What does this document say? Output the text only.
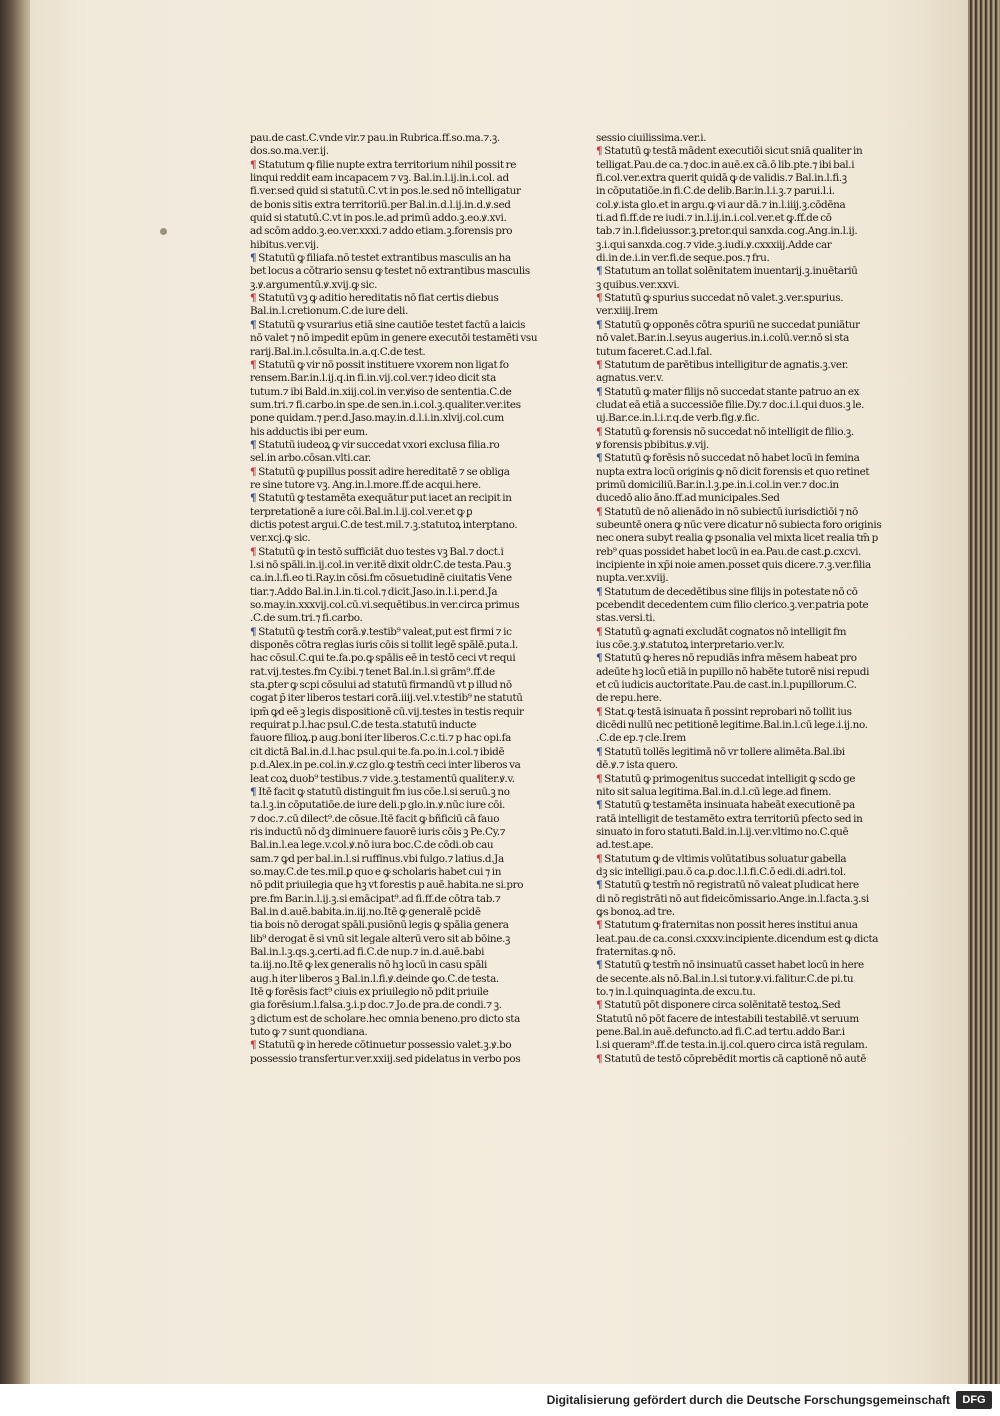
pau.de cast.C.vnde vir.⁊ pau.in Rubrica.ff.so.ma.⁊.ꝫ.
dos.so.ma.ver.ij.
¶ Statutum ꝙ filie nupte extra territorium nihil possit re
linqui reddit eam incapacem ⁊ vꝫ. Bal.in.l.ij.in.i.col. ad
fi.ver.sed quid si statutū.C.vt in pos.le.sed nō intelligatur
de bonis sitis extra territoriū.per Bal.in.d.l.ij.in.d.ꝟ.sed
quid si statutū.C.vt in pos.le.ad primū addo.ꝫ.eo.ꝟ.xvi.
ad scōm addo.ꝫ.eo.ver.xxxi.⁊ addo etiam.ꝫ.forensis pro
hibitus.ver.vij.
¶ Statutū ꝙ filiafa.nō testet extrantibus masculis an ha
bet locus a cōtrario sensu ꝙ testet nō extrantibus masculis
ꝫ.ꝟ.argumentū.ꝟ.xvij.ꝙ sic.
¶ Statutū vꝫ ꝙ aditio hereditatis nō fiat certis diebus
Bal.in.l.cretionum.C.de iure deli.
¶ Statutū ꝙ vsurarius etiā sine cautiōe testet factū a laicis
nō valet ⁊ nō impedit epūm in genere executōi testamēti vsu
rarij.Bal.in.l.cōsulta.in.a.q.C.de test.
¶ Statutū ꝙ vir nō possit instituere vxorem non ligat fo
rensem.Bar.in.l.ij.q.in fi.in.vij.col.ver.⁊ ideo dicit sta
tutum.⁊ ibi Bald.in.xiij.col.in ver.ꝟiso de sententia.C.de
sum.tri.⁊ fi.carbo.in spe.de sen.in.i.col.ꝫ.qualiter.ver.ites
pone quidam.⁊ per.d.Jaso.may.in.d.l.i.in.xlvij.col.cum
his adductis ibi per eum.
¶ Statutū iudeoꝝ ꝙ vir succedat vxori exclusa filia.ro
sel.in arbo.cōsan.vlti.car.
¶ Statutū ꝙ pupillus possit adire hereditatē ⁊ se obliga
re sine tutore vꝫ. Ang.in.l.more.ff.de acqui.here.
¶ Statutū ꝙ testamēta exequātur put iacet an recipit in
terpretationē a iure cōi.Bal.in.l.ij.col.ver.et ꝙ ꝑ
dictis potest argui.C.de test.mil.⁊.ꝫ.statutoꝝ interptano.
ver.xcj.ꝙ sic.
¶ Statutū ꝙ in testō sufficiāt duo testes vꝫ Bal.⁊ doct.i
l.si nō spāli.in.ij.col.in ver.itē dixit oldr.C.de testa.Pau.ꝫ
ca.in.l.fi.eo ti.Ray.in cōsi.fm cōsuetudinē ciuitatis Vene
tiar.⁊.Addo Bal.in.l.in.ti.col.⁊ dicit.Jaso.in.l.i.per.d.Ja
so.may.in.xxxvij.col.cū.vi.sequētibus.in ver.circa primus
.C.de sum.tri.⁊ fi.carbo.
¶ Statutū ꝙ testm̄ corā.ꝟ.testib⁹ valeat,put est firmi ⁊ ic
disponēs cōtra reglas iuris cōis si tollit legē spālē.puta.l.
hac cōsul.C.qui te.fa.po.ꝙ spālis eē in testō ceci vt requi
rat.vij.testes.fm Cy.ibi.⁊ tenet Bal.in.l.si grām⁹.ff.de
sta.ꝑter ꝙ scpi cōsului ad statutū firmandū vt p illud nō
cogat p̄ iter liberos testari corā.iiij.vel.v.testib⁹ ne statutū
ipm̄ ꝙd eē ꝫ legis dispositionē cū.vij.testes in testis requir
requirat p.l.hac psul.C.de testa.statutū inducte
fauore filioꝝ.p aug.boni iter liberos.C.c.ti.⁊ p hac opi.fa
cit dictā Bal.in.d.l.hac psul.qui te.fa.po.in.i.col.⁊ ibidē
p.d.Alex.in pe.col.in.ꝟ.cz glo.ꝙ testm̄ ceci inter liberos va
leat coꝝ duob⁹ testibus.⁊ vide.ꝫ.testamentū qualiter.ꝟ.v.
¶ Itē facit ꝙ statutū distinguit fm ius cōe.l.si seruū.ꝫ no
ta.l.ꝫ.in cōputatiōe.de iure deli.p glo.in.ꝟ.nūc iure cōi.
⁊ doc.⁊.cū dilect⁹.de cōsue.Itē facit ꝙ bñficiū cā fauo
ris inductū nō dꝫ diminuere fauorē iuris cōis ꝫ Pe.Cy.⁊
Bal.in.l.ea lege.v.col.ꝟ.nō iura boc.C.de cōdi.ob cau
sam.⁊ ꝙd per bal.in.l.si ruffinus.vbi fulgo.⁊ latius.d.Ja
so.may.C.de tes.mil.ꝑ quo e ꝙ scholaris habet cui ⁊ in
nō pdit priuilegia que hꝫ vt forestis p auē.habita.ne si.pro
pre.fm Bar.in.l.ij.ꝫ.si emācipat⁹.ad fi.ff.de cōtra tab.⁊
Bal.in d.auē.babita.in.iij.no.Itē ꝙ generalē pcidē
tia bois nō derogat spāli.pusiōnū legis ꝙ spālia genera
lib⁹ derogat ē si vnū sit legale alterū vero sit ab bōine.ꝫ
Bal.in.l.ꝫ.qs.ꝫ.certi.ad fi.C.de nup.⁊ in.d.auē.babi
ta.iij.no.Itē ꝙ lex generalis nō hꝫ locū in casu spāli
aug.h iter liberos ꝫ Bal.in.l.fi.ꝟ.deinde ꝙo.C.de testa.
Itē ꝙ forēsis fact⁹ ciuis ex priuilegio nō pdit priuile
gia forēsium.l.falsa.ꝫ.i.p doc.⁊ Jo.de pra.de condi.⁊ ꝫ.
ꝫ dictum est de scholare.hec omnia beneno.pro dicto sta
tuto ꝙ ⁊ sunt quondiana.
¶ Statutū ꝙ in herede cōtinuetur possessio valet.ꝫ.ꝟ.bo
possessio transfertur.ver.xxiij.sed pidelatus in verbo pos
sessio ciuilissima.ver.i.
¶ Statutū ꝙ testā mādent executiōi sicut sniā qualiter in
telligat.Pau.de ca.⁊ doc.in auē.ex cā.ō lib.pte.⁊ ibi bal.i
fi.col.ver.extra querit quidā ꝙ de validis.⁊ Bal.in.l.fi.ꝫ
in cōputatiōe.in fi.C.de delib.Bar.in.l.i.ꝫ.⁊ parui.l.i.
col.ꝟ.ista glo.et in argu.ꝙ vi aur dā.⁊ in.l.iiij.ꝫ.cōdēna
ti.ad fi.ff.de re iudi.⁊ in.l.ij.in.i.col.ver.et ꝙ.ff.de cō
tab.⁊ in.l.fideiussor.ꝫ.pretor.qui sanxda.cog.Ang.in.l.ij.
ꝫ.i.qui sanxda.cog.⁊ vide.ꝫ.iudi.ꝟ.cxxxiij.Adde car
di.in de.i.in ver.fi.de seque.pos.⁊ fru.
¶ Statutum an tollat solēnitatem inuentarij.ꝫ.inuētariū
ꝫ quibus.ver.xxvi.
¶ Statutū ꝙ spurius succedat nō valet.ꝫ.ver.spurius.
ver.xiiij.Irem
¶ Statutū ꝙ opponēs cōtra spuriū ne succedat puniātur
nō valet.Bar.in.l.seyus augerius.in.i.colū.ver.nō si sta
tutum faceret.C.ad.l.fal.
¶ Statutum de parētibus intelligitur de agnatis.ꝫ.ver.
agnatus.ver.v.
¶ Statutū ꝙ mater filijs nō succedat stante patruo an ex
cludat eā etiā a successiōe filie.Dy.⁊ doc.i.l.qui duos.ꝫ le.
uj.Bar.ce.in.l.i.r.q.de verb.fig.ꝟ.fic.
¶ Statutū ꝙ forensis nō succedat nō intelligit de filio.ꝫ.
ꝟ forensis pbibitus.ꝟ.vij.
¶ Statutū ꝙ forēsis nō succedat nō habet locū in femina
nupta extra locū originis ꝙ nō dicit forensis et quo retinet
primū domiciliū.Bar.in.l.ꝫ.pe.in.i.col.in ver.⁊ doc.in
ducedō alio āno.ff.ad municipales.Sed
¶ Statutū de nō alienādo in nō subiectū iurisdictiōi ⁊ nō
subeuntē onera ꝙ nūc vere dicatur nō subiecta foro originis
nec onera subyt realia ꝙ psonalia vel mixta licet realia tm̄ p
reb⁹ quas possidet habet locū in ea.Pau.de cast.ꝑ.cxcvi.
incipiente in xp̄i noie amen.posset quis dicere.⁊.ꝫ.ver.filia
nupta.ver.xviij.
¶ Statutum de decedētibus sine filijs in potestate nō cō
pcebendit decedentem cum filio clerico.ꝫ.ver.patria pote
stas.versi.ti.
¶ Statutū ꝙ agnati excludāt cognatos nō intelligit fm
ius cōe.ꝫ.ꝟ.statutoꝝ interpretario.ver.lv.
¶ Statutū ꝙ heres nō repudiās infra mēsem habeat pro
adeūte hꝫ locū etiā in pupillo nō habēte tutorē nisi repudi
et cū iudicis auctoritate.Pau.de cast.in.l.pupillorum.C.
de repu.here.
¶ Stat.ꝙ testā isinuata ñ possint reprobari nō tollit ius
dicēdi nullū nec petitionē legitime.Bal.in.l.cū lege.i.ij.no.
.C.de ep.⁊ cle.Irem
¶ Statutū tollēs legitimā nō vr tollere alimēta.Bal.ibi
dē.ꝟ.⁊ ista quero.
¶ Statutū ꝙ primogenitus succedat intelligit ꝙ scdo ge
nito sit salua legitima.Bal.in.d.l.cū lege.ad finem.
¶ Statutū ꝙ testamēta insinuata habeāt executionē pa
ratā intelligit de testamēto extra territoriū pfecto sed in
sinuato in foro statuti.Bald.in.l.ij.ver.vltimo no.C.quē
ad.test.ape.
¶ Statutum ꝙ de vltimis volūtatibus soluatur gabella
dꝫ sic intelligi.pau.ō ca.ꝑ.doc.l.l.fi.C.ō edi.di.adri.tol.
¶ Statutū ꝙ testm̄ nō registratū nō valeat pIudicat here
di nō registrāti nō aut fideicōmissario.Ange.in.l.facta.ꝫ.si
ꝙs bonoꝝ.ad tre.
¶ Statutum ꝙ fraternitas non possit heres institui anua
leat.pau.de ca.consi.cxxxv.incipiente.dicendum est ꝙ dicta
fraternitas.ꝙ nō.
¶ Statutū ꝙ testm̄ nō insinuatū casset habet locū in here
de secente.als nō.Bal.in.l.si tutor.ꝟ.vi.falitur.C.de pi.tu
to.⁊ in.l.quinquaginta.de excu.tu.
¶ Statutū pōt disponere circa solēnitatē testoꝝ.Sed
Statutū nō pōt facere de intestabili testabilē.vt seruum
pene.Bal.in auē.defuncto.ad fi.C.ad tertu.addo Bar.i
l.si queram⁹.ff.de testa.in.ij.col.quero circa istā regulam.
¶ Statutū de testō cōprebēdit mortis cā captionē nō autē
Digitalisierung gefördert durch die Deutsche Forschungsgemeinschaft	DFG
